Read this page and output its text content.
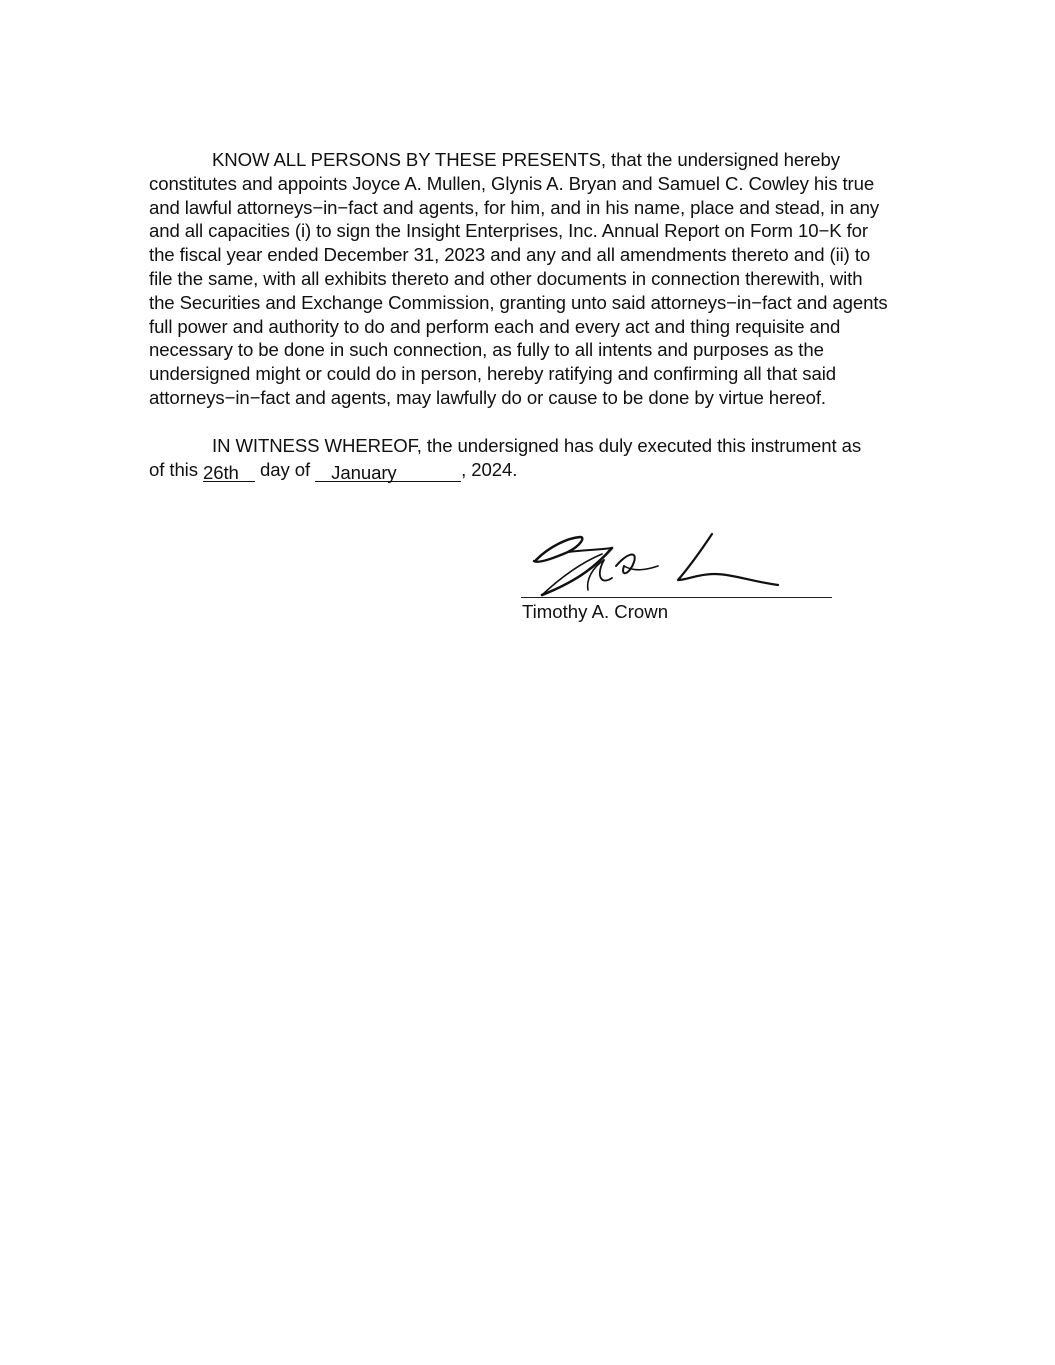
KNOW ALL PERSONS BY THESE PRESENTS, that the undersigned hereby
constitutes and appoints Joyce A. Mullen, Glynis A. Bryan and Samuel C. Cowley his true
and lawful attorneys−in−fact and agents, for him, and in his name, place and stead, in any
and all capacities (i) to sign the Insight Enterprises, Inc. Annual Report on Form 10−K for
the fiscal year ended December 31, 2023 and any and all amendments thereto and (ii) to
file the same, with all exhibits thereto and other documents in connection therewith, with
the Securities and Exchange Commission, granting unto said attorneys−in−fact and agents
full power and authority to do and perform each and every act and thing requisite and
necessary to be done in such connection, as fully to all intents and purposes as the
undersigned might or could do in person, hereby ratifying and confirming all that said
attorneys−in−fact and agents, may lawfully do or cause to be done by virtue hereof.
IN WITNESS WHEREOF, the undersigned has duly executed this instrument as
of this 26th day of January	, 2024.
Timothy A. Crown
